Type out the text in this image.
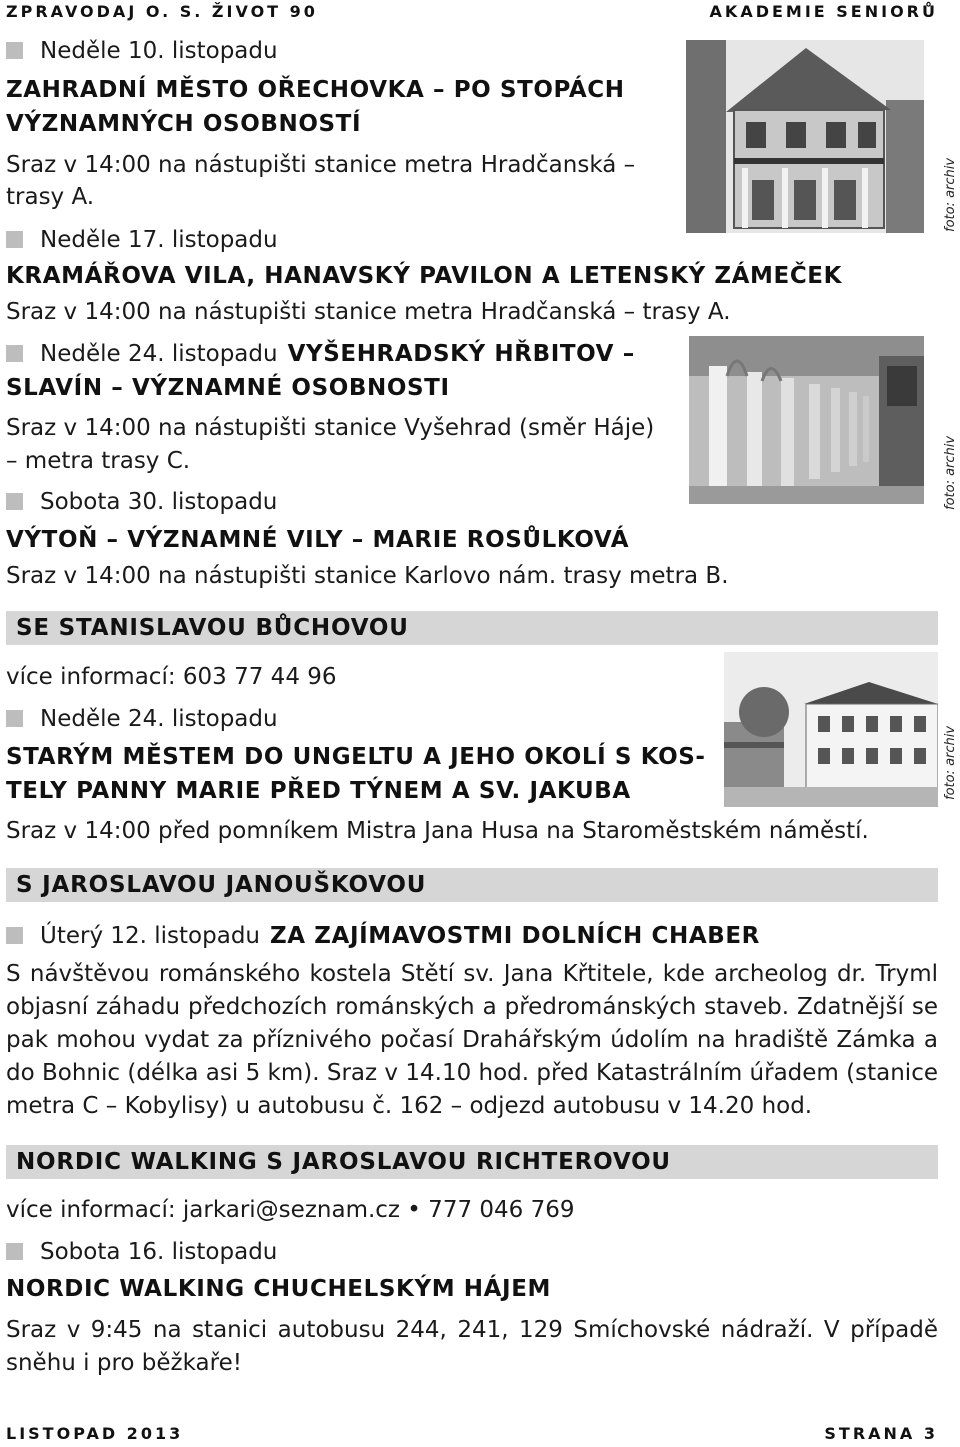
ZPRAVODAJ O. S. ŽIVOT 90	AKADEMIE SENIORŮ
Neděle 10. listopadu
ZAHRADNÍ MĚSTO OŘECHOVKA – PO STOPÁCH
VÝZNAMNÝCH OSOBNOSTÍ
Sraz v 14:00 na nástupišti stanice metra Hradčanská –
trasy A.
Neděle 17. listopadu
KRAMÁŘOVA VILA, HANAVSKÝ PAVILON A LETENSKÝ ZÁMEČEK
Sraz v 14:00 na nástupišti stanice metra Hradčanská – trasy A.
Neděle 24. listopadu VYŠEHRADSKÝ HŘBITOV –
SLAVÍN – VÝZNAMNÉ OSOBNOSTI
Sraz v 14:00 na nástupišti stanice Vyšehrad (směr Háje)
– metra trasy C.
Sobota 30. listopadu
VÝTOŇ – VÝZNAMNÉ VILY – MARIE ROSŮLKOVÁ
Sraz v 14:00 na nástupišti stanice Karlovo nám. trasy metra B.
foto: archiv
foto: archiv
SE STANISLAVOU BŮCHOVOU
více informací: 603 77 44 96
Neděle 24. listopadu
STARÝM MĚSTEM DO UNGELTU A JEHO OKOLÍ S KOS-
TELY PANNY MARIE PŘED TÝNEM A SV. JAKUBA
Sraz v 14:00 před pomníkem Mistra Jana Husa na Staroměstském náměstí.
foto: archiv
S JAROSLAVOU JANOUŠKOVOU
Úterý 12. listopadu ZA ZAJÍMAVOSTMI DOLNÍCH CHABER
S návštěvou románského kostela Stětí sv. Jana Křtitele, kde archeolog dr. Tryml objasní záhadu předchozích románských a předrománských staveb. Zdatnější se pak mohou vydat za příznivého počasí Drahářským údolím na hradiště Zámka a do Bohnic (délka asi 5 km). Sraz v 14.10 hod. před Katastrálním úřadem (stanice metra C – Kobylisy) u autobusu č. 162 – odjezd autobusu v 14.20 hod.
NORDIC WALKING S JAROSLAVOU RICHTEROVOU
více informací: jarkari@seznam.cz • 777 046 769
Sobota 16. listopadu
NORDIC WALKING CHUCHELSKÝM HÁJEM
Sraz v 9:45 na stanici autobusu 244, 241, 129 Smíchovské nádraží. V případě sněhu i pro běžkaře!
LISTOPAD 2013	STRANA 3
